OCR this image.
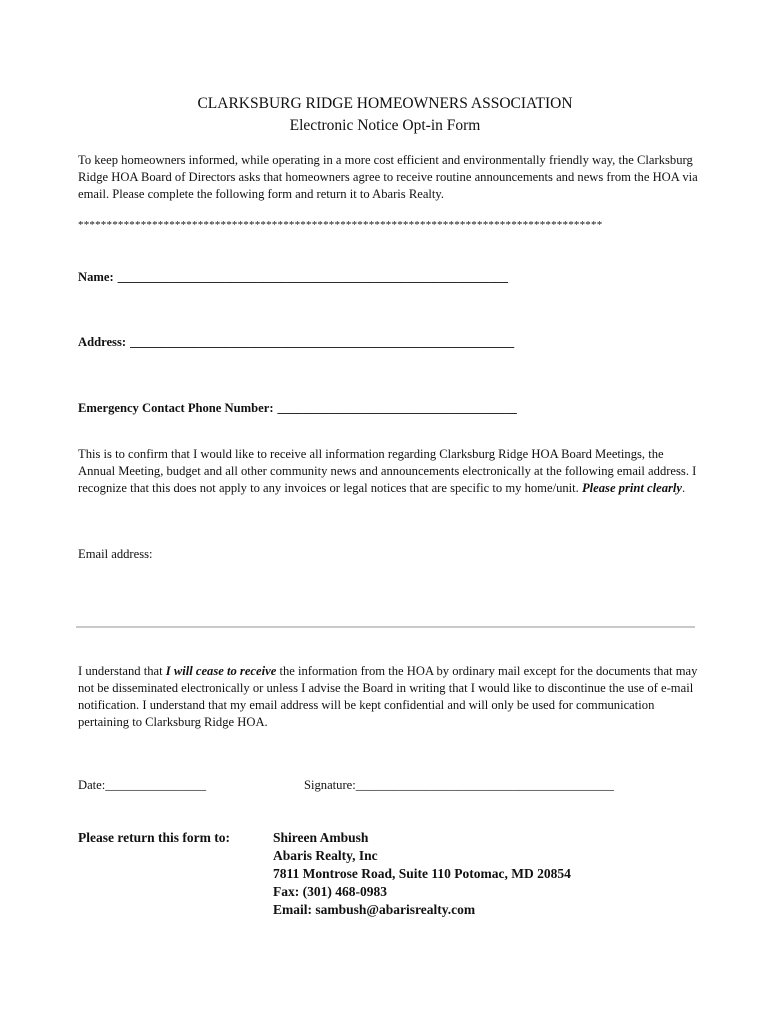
CLARKSBURG RIDGE HOMEOWNERS ASSOCIATION
Electronic Notice Opt-in Form
To keep homeowners informed, while operating in a more cost efficient and environmentally friendly way, the Clarksburg Ridge HOA Board of Directors asks that homeowners agree to receive routine announcements and news from the HOA via email. Please complete the following form and return it to Abaris Realty.
********************************************************************************************
Name: ______________________________________________________________
Address: _____________________________________________________________
Emergency Contact Phone Number: ______________________________________
This is to confirm that I would like to receive all information regarding Clarksburg Ridge HOA Board Meetings, the Annual Meeting, budget and all other community news and announcements electronically at the following email address. I recognize that this does not apply to any invoices or legal notices that are specific to my home/unit. Please print clearly.
Email address:
I understand that I will cease to receive the information from the HOA by ordinary mail except for the documents that may not be disseminated electronically or unless I advise the Board in writing that I would like to discontinue the use of e-mail notification. I understand that my email address will be kept confidential and will only be used for communication pertaining to Clarksburg Ridge HOA.
Date:________________	Signature:_________________________________________
Please return this form to:	Shireen Ambush
Abaris Realty, Inc
7811 Montrose Road, Suite 110 Potomac, MD 20854
Fax: (301) 468-0983
Email: sambush@abarisrealty.com
